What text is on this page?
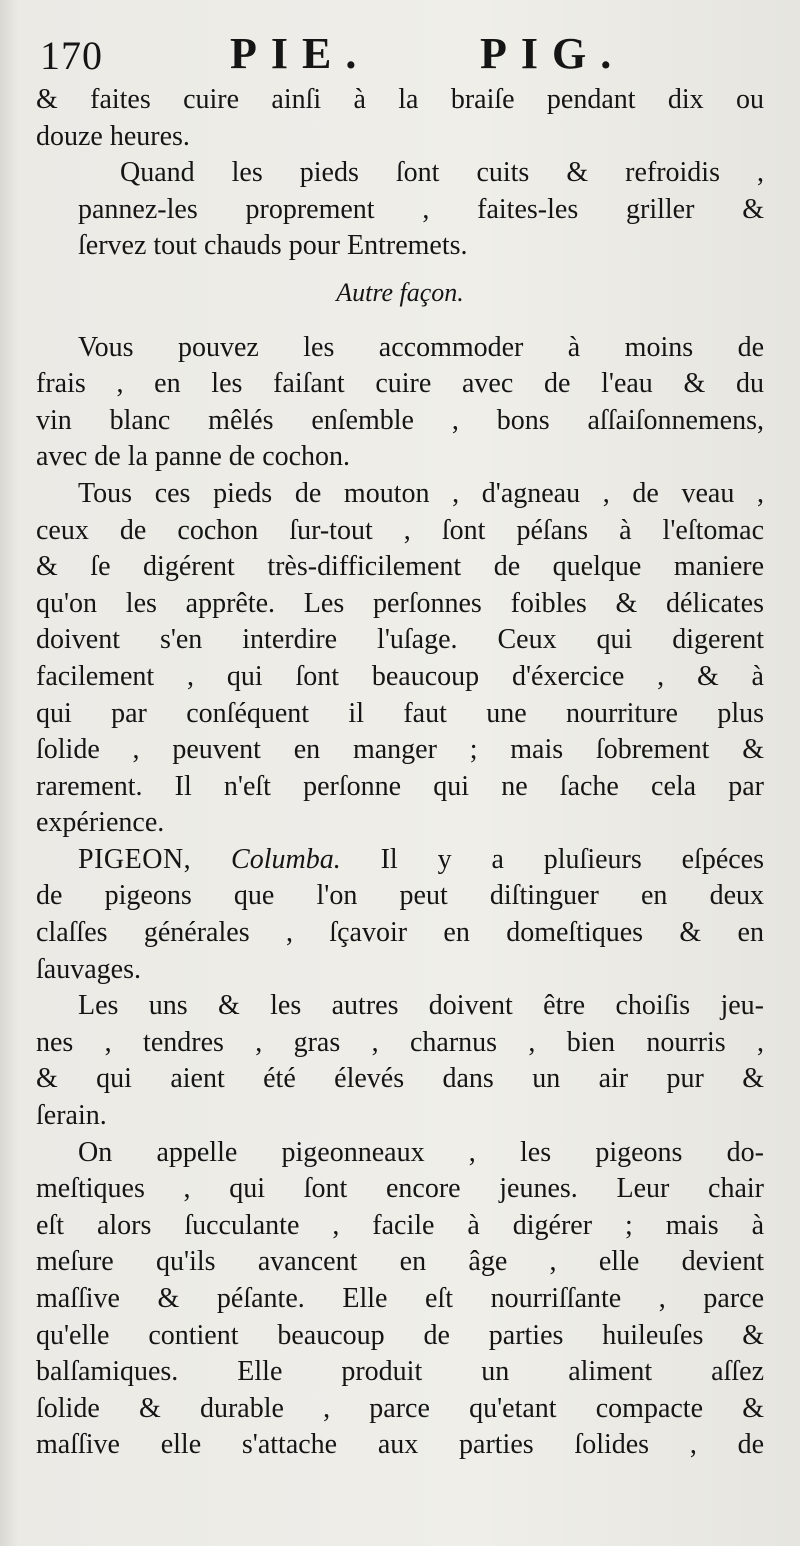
170	PIE. PIG.

& faites cuire ainſi à la braiſe pendant dix ou
douze heures.

Quand les pieds ſont cuits & refroidis ,
pannez-les proprement , faites-les griller &
ſervez tout chauds pour Entremets.

Autre façon.

Vous pouvez les accommoder à moins de
frais , en les faiſant cuire avec de l'eau & du
vin blanc mêlés enſemble , bons aſſaiſonnemens,
avec de la panne de cochon.

Tous ces pieds de mouton , d'agneau , de veau ,
ceux de cochon ſur-tout , ſont péſans à l'eſtomac
& ſe digérent très-difficilement de quelque maniere
qu'on les apprête. Les perſonnes foibles & délicates
doivent s'en interdire l'uſage. Ceux qui digerent
facilement , qui ſont beaucoup d'éxercice , & à
qui par conſéquent il faut une nourriture plus
ſolide , peuvent en manger ; mais ſobrement &
rarement. Il n'eſt perſonne qui ne ſache cela par
expérience.

PIGEON, Columba. Il y a pluſieurs eſpéces
de pigeons que l'on peut diſtinguer en deux
claſſes générales , ſçavoir en domeſtiques & en
ſauvages.

Les uns & les autres doivent être choiſis jeu-
nes , tendres , gras , charnus , bien nourris ,
& qui aient été élevés dans un air pur &
ſerain.

On appelle pigeonneaux , les pigeons do-
meſtiques , qui ſont encore jeunes. Leur chair
eſt alors ſucculante , facile à digérer ; mais à
meſure qu'ils avancent en âge , elle devient
maſſive & péſante. Elle eſt nourriſſante , parce
qu'elle contient beaucoup de parties huileuſes &
balſamiques. Elle produit un aliment aſſez
ſolide & durable , parce qu'etant compacte &
maſſive elle s'attache aux parties ſolides , de
